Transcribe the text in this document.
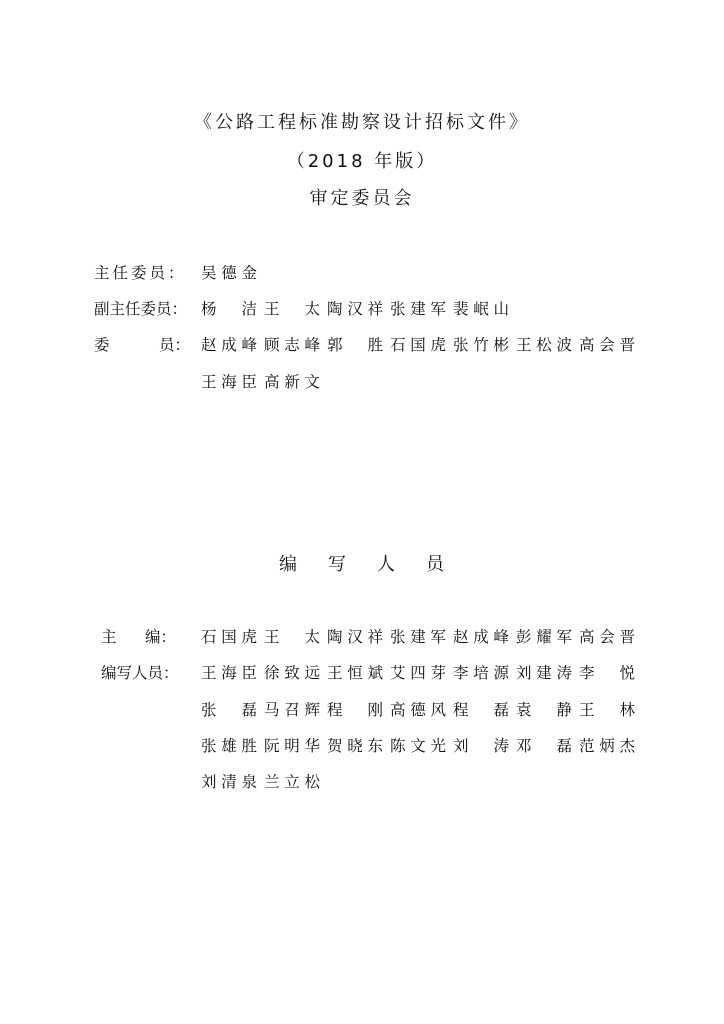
《公路工程标准勘察设计招标文件》
（2018 年版）
审定委员会
主任委员： 吴德金
副主任委员： 杨　洁 王　太 陶汉祥 张建军 裴岷山
委	员： 赵成峰 顾志峰 郭　胜 石国虎 张竹彬 王松波 高会晋
王海臣 高新文
编 写 人 员
主 编： 石国虎 王　太 陶汉祥 张建军 赵成峰 彭耀军 高会晋
编写人员： 王海臣 徐致远 王恒斌 艾四芽 李培源 刘建涛 李　悦
张　磊 马召辉 程　刚 高德风 程　磊 袁　静 王　林
张雄胜 阮明华 贺晓东 陈文光 刘　涛 邓　磊 范炳杰
刘清泉 兰立松
